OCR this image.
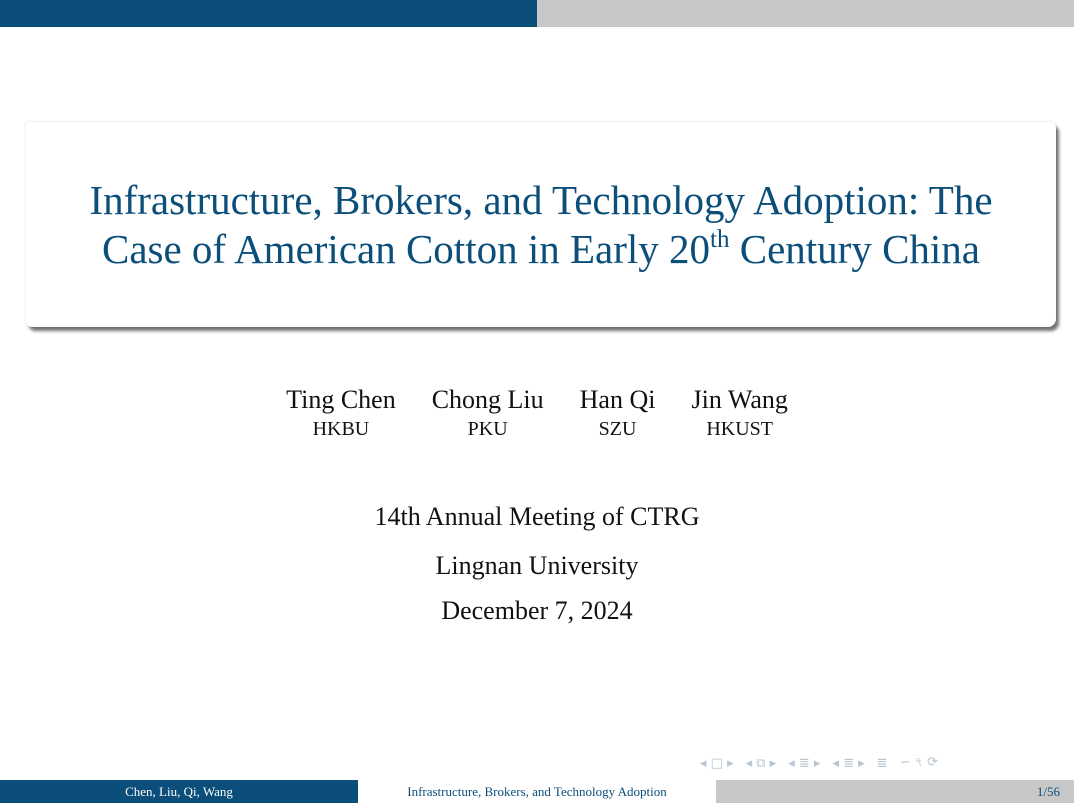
Infrastructure, Brokers, and Technology Adoption: The Case of American Cotton in Early 20th Century China
Ting Chen
HKBU
Chong Liu
PKU
Han Qi
SZU
Jin Wang
HKUST
14th Annual Meeting of CTRG
Lingnan University
December 7, 2024
◂ □ ▸ ◂ ⧉ ▸ ◂ ≣ ▸ ◂ ≣ ▸ ≣ ∽ ৭ ⟳
Chen, Liu, Qi, Wang	Infrastructure, Brokers, and Technology Adoption	1/56
